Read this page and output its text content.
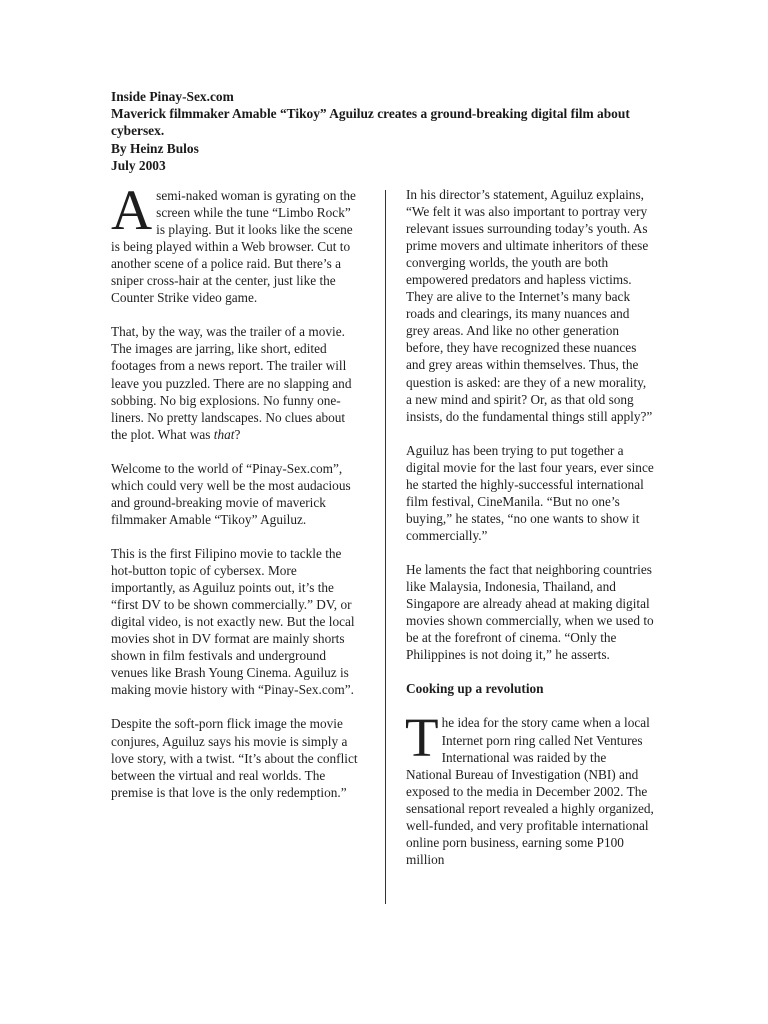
Inside Pinay-Sex.com
Maverick filmmaker Amable “Tikoy” Aguiluz creates a ground-breaking digital film about cybersex.
By Heinz Bulos
July 2003

Asemi-naked woman is gyrating on the screen while the tune “Limbo Rock” is playing. But it looks like the scene is being played within a Web browser. Cut to another scene of a police raid. But there’s a sniper cross-hair at the center, just like the Counter Strike video game.

That, by the way, was the trailer of a movie. The images are jarring, like short, edited footages from a news report. The trailer will leave you puzzled. There are no slapping and sobbing. No big explosions. No funny one-liners. No pretty landscapes. No clues about the plot. What was that?

Welcome to the world of “Pinay-Sex.com”, which could very well be the most audacious and ground-breaking movie of maverick filmmaker Amable “Tikoy” Aguiluz.

This is the first Filipino movie to tackle the hot-button topic of cybersex. More importantly, as Aguiluz points out, it’s the “first DV to be shown commercially.” DV, or digital video, is not exactly new. But the local movies shot in DV format are mainly shorts shown in film festivals and underground venues like Brash Young Cinema. Aguiluz is making movie history with “Pinay-Sex.com”.

Despite the soft-porn flick image the movie conjures, Aguiluz says his movie is simply a love story, with a twist. “It’s about the conflict between the virtual and real worlds. The premise is that love is the only redemption.”

In his director’s statement, Aguiluz explains, “We felt it was also important to portray very relevant issues surrounding today’s youth. As prime movers and ultimate inheritors of these converging worlds, the youth are both empowered predators and hapless victims. They are alive to the Internet’s many back roads and clearings, its many nuances and grey areas. And like no other generation before, they have recognized these nuances and grey areas within themselves. Thus, the question is asked: are they of a new morality, a new mind and spirit? Or, as that old song insists, do the fundamental things still apply?”

Aguiluz has been trying to put together a digital movie for the last four years, ever since he started the highly-successful international film festival, CineManila. “But no one’s buying,” he states, “no one wants to show it commercially.”

He laments the fact that neighboring countries like Malaysia, Indonesia, Thailand, and Singapore are already ahead at making digital movies shown commercially, when we used to be at the forefront of cinema. “Only the Philippines is not doing it,” he asserts.

Cooking up a revolution

The idea for the story came when a local Internet porn ring called Net Ventures International was raided by the National Bureau of Investigation (NBI) and exposed to the media in December 2002. The sensational report revealed a highly organized, well-funded, and very profitable international online porn business, earning some P100 million
